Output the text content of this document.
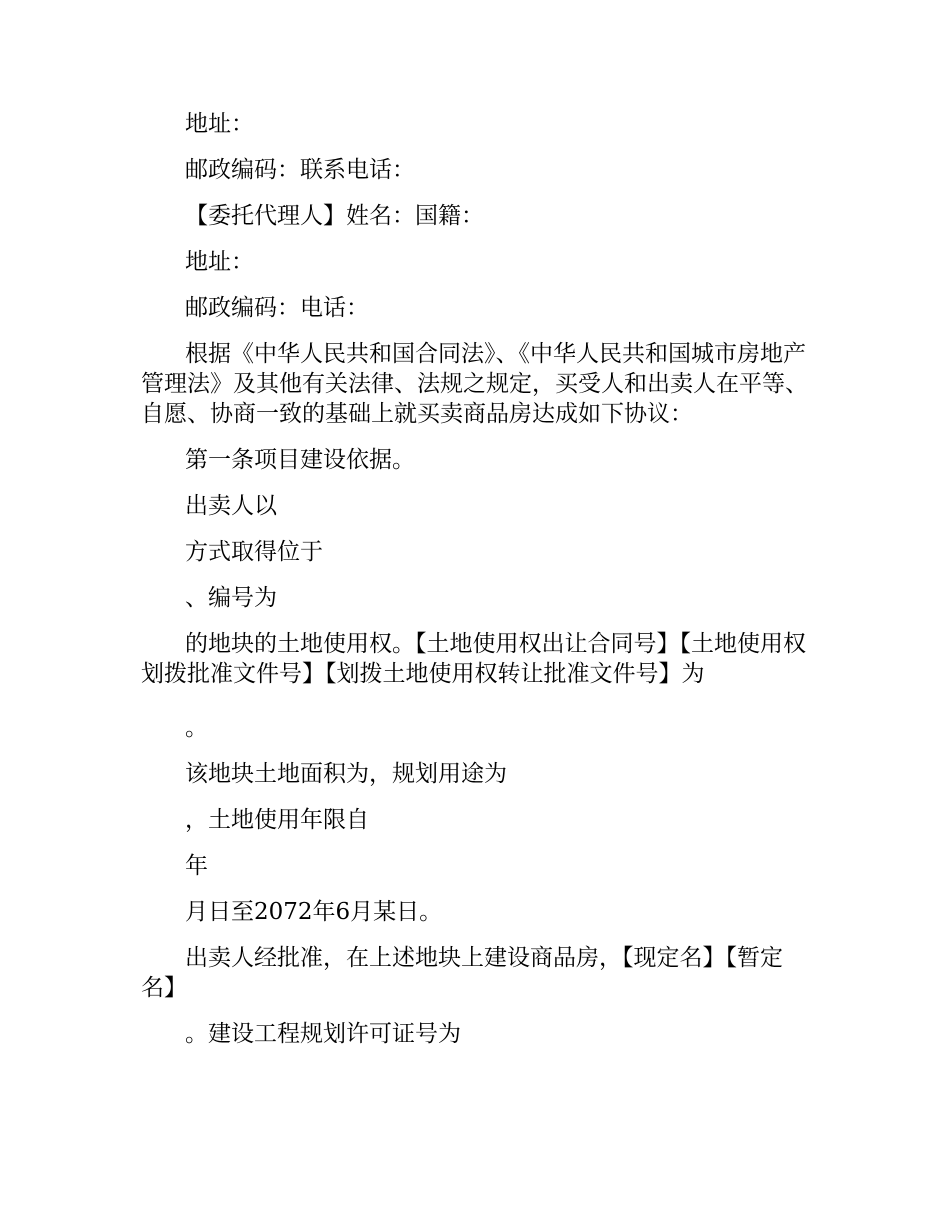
地址：

邮政编码：联系电话：

【委托代理人】姓名：国籍：

地址：

邮政编码：电话：

根据《中华人民共和国合同法》、《中华人民共和国城市房地产管理法》及其他有关法律、法规之规定，买受人和出卖人在平等、自愿、协商一致的基础上就买卖商品房达成如下协议：

第一条项目建设依据。

出卖人以

方式取得位于

、编号为

的地块的土地使用权。【土地使用权出让合同号】【土地使用权划拨批准文件号】【划拨土地使用权转让批准文件号】为

。

该地块土地面积为，规划用途为

，土地使用年限自

年

月日至2072年6月某日。

出卖人经批准，在上述地块上建设商品房，【现定名】【暂定名】

。建设工程规划许可证号为
